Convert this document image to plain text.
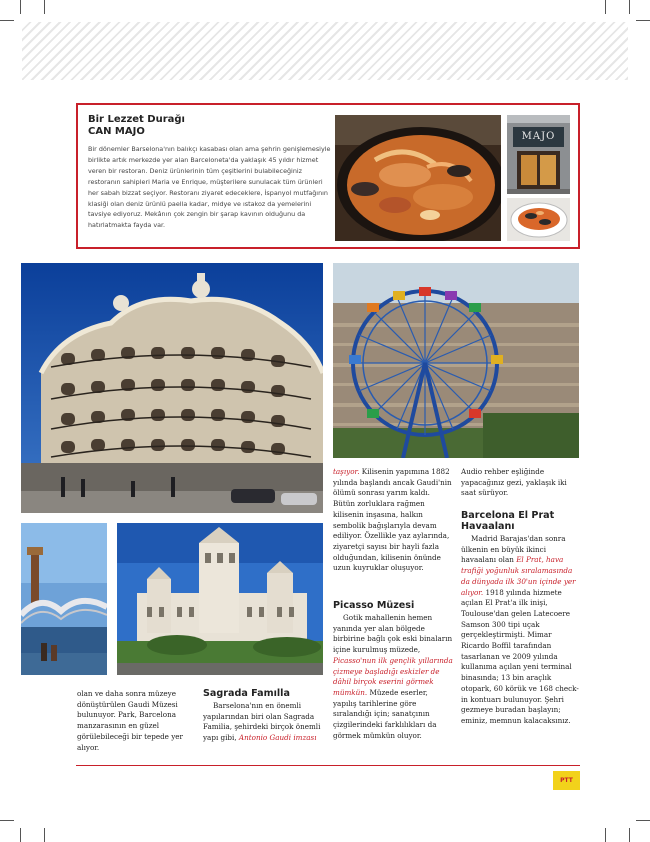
Bir Lezzet Durağı
CAN MAJO
Bir dönemler Barselona'nın balıkçı kasabası olan ama şehrin genişlemesiyle birlikte artık merkezde yer alan Barceloneta'da yaklaşık 45 yıldır hizmet veren bir restoran. Deniz ürünlerinin tüm çeşitlerini bulabileceğiniz restoranın sahipleri Maria ve Enrique, müşterilere sunulacak tüm ürünleri her sabah bizzat seçiyor. Restoranı ziyaret edeceklere, İspanyol mutfağının klasiği olan deniz ürünlü paella kadar, midye ve ıstakoz da yemelerini tavsiye ediyoruz. Mekânın çok zengin bir şarap kavının olduğunu da hatırlatmakta fayda var.
MAJO
olan ve daha sonra müzeye dönüştürülen Gaudi Müzesi bulunuyor. Park, Barcelona manzarasının en güzel görülebileceği bir tepede yer alıyor.
Sagrada Famılla
Barselona'nın en önemli yapılarından biri olan Sagrada Familia, şehirdeki birçok önemli yapı gibi, Antonio Gaudi imzası
taşıyor. Kilisenin yapımına 1882 yılında başlandı ancak Gaudi'nin ölümü sonrası yarım kaldı. Bütün zorluklara rağmen kilisenin inşasına, halkın sembolik bağışlarıyla devam ediliyor. Özellikle yaz aylarında, ziyaretçi sayısı bir hayli fazla olduğundan, kilisenin önünde uzun kuyruklar oluşuyor.
Picasso Müzesi
Gotik mahallenin hemen yanında yer alan bölgede birbirine bağlı çok eski binaların içine kurulmuş müzede, Picasso'nun ilk gençlik yıllarında çizmeye başladığı eskizler de dâhil birçok eserini görmek mümkün. Müzede eserler, yapılış tarihlerine göre sıralandığı için; sanatçının çizgilerindeki farklılıkları da görmek mümkün oluyor.
Audio rehber eşliğinde yapacağınız gezi, yaklaşık iki saat sürüyor.
Barcelona El Prat Havaalanı
Madrid Barajas'dan sonra ülkenin en büyük ikinci havaalanı olan El Prat, hava trafiği yoğunluk sıralamasında da dünyada ilk 30'un içinde yer alıyor. 1918 yılında hizmete açılan El Prat'a ilk inişi, Toulouse'dan gelen Latecoere Samson 300 tipi uçak gerçekleştirmişti. Mimar Ricardo Boffil tarafından tasarlanan ve 2009 yılında kullanıma açılan yeni terminal binasında; 13 bin araçlık otopark, 60 körük ve 168 check-in kontuarı bulunuyor. Şehri gezmeye buradan başlayın; eminiz, memnun kalacaksınız.
PTT
